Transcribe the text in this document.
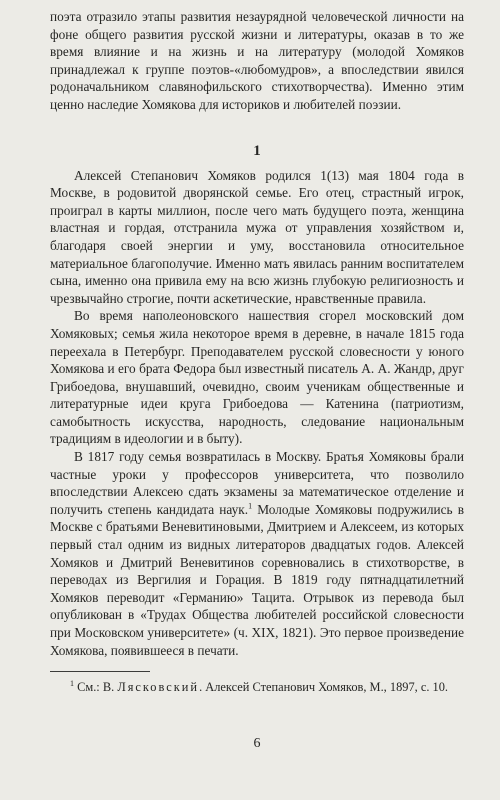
поэта отразило этапы развития незаурядной человеческой личности на фоне общего развития русской жизни и литературы, оказав в то же время влияние и на жизнь и на литературу (молодой Хомяков принадлежал к группе поэтов-«любомудров», а впоследствии явился родоначальником славянофильского стихотворчества). Именно этим ценно наследие Хомякова для историков и любителей поэзии.

1

Алексей Степанович Хомяков родился 1(13) мая 1804 года в Москве, в родовитой дворянской семье. Его отец, страстный игрок, проиграл в карты миллион, после чего мать будущего поэта, женщина властная и гордая, отстранила мужа от управления хозяйством и, благодаря своей энергии и уму, восстановила относительное материальное благополучие. Именно мать явилась ранним воспитателем сына, именно она привила ему на всю жизнь глубокую религиозность и чрезвычайно строгие, почти аскетические, нравственные правила.

Во время наполеоновского нашествия сгорел московский дом Хомяковых; семья жила некоторое время в деревне, в начале 1815 года переехала в Петербург. Преподавателем русской словесности у юного Хомякова и его брата Федора был известный писатель А. А. Жандр, друг Грибоедова, внушавший, очевидно, своим ученикам общественные и литературные идеи круга Грибоедова — Катенина (патриотизм, самобытность искусства, народность, следование национальным традициям в идеологии и в быту).

В 1817 году семья возвратилась в Москву. Братья Хомяковы брали частные уроки у профессоров университета, что позволило впоследствии Алексею сдать экзамены за математическое отделение и получить степень кандидата наук.$^1$ Молодые Хомяковы подружились в Москве с братьями Веневитиновыми, Дмитрием и Алексеем, из которых первый стал одним из видных литераторов двадцатых годов. Алексей Хомяков и Дмитрий Веневитинов соревновались в стихотворстве, в переводах из Вергилия и Горация. В 1819 году пятнадцатилетний Хомяков переводит «Германию» Тацита. Отрывок из перевода был опубликован в «Трудах Общества любителей российской словесности при Московском университете» (ч. XIX, 1821). Это первое произведение Хомякова, появившееся в печати.

$^1$ См.: В. Лясковский. Алексей Степанович Хомяков, М., 1897, с. 10.

6
